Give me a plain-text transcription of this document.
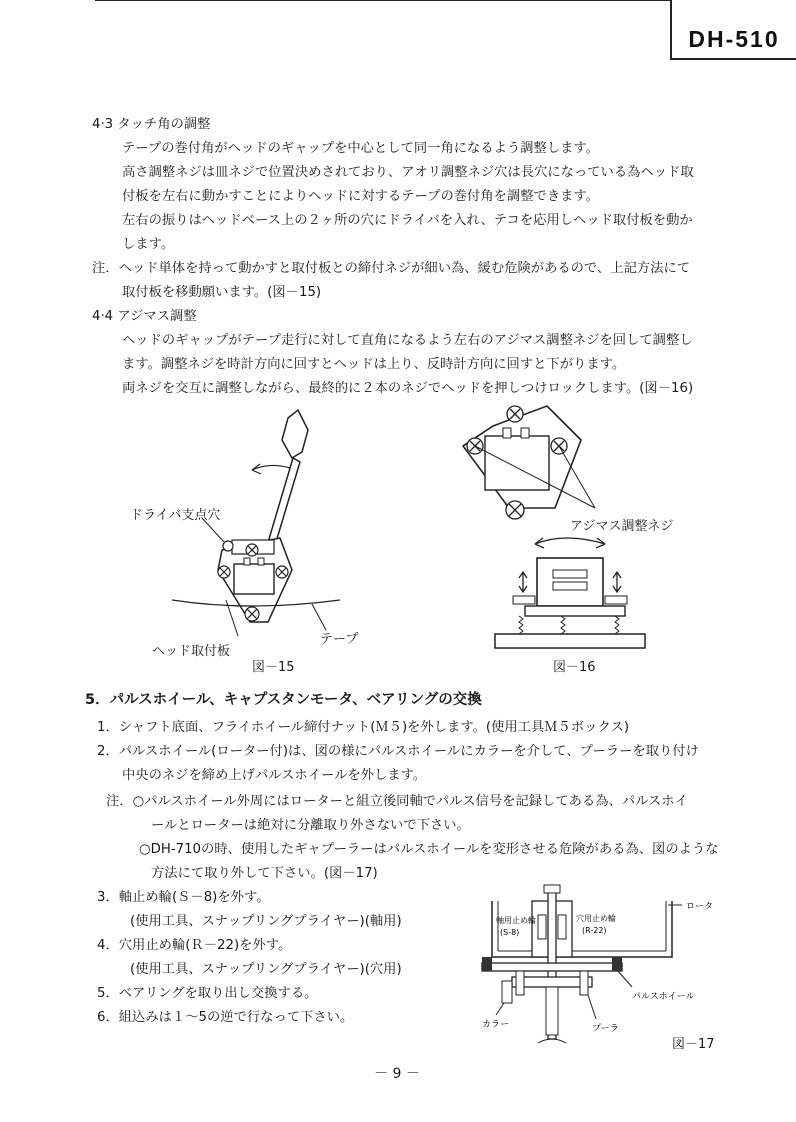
DH-510
4·3 タッチ角の調整
テープの巻付角がヘッドのギャップを中心として同一角になるよう調整します。
高さ調整ネジは皿ネジで位置決めされており、アオリ調整ネジ穴は長穴になっている為ヘッド取
付板を左右に動かすことによりヘッドに対するテープの巻付角を調整できます。
左右の振りはヘッドベース上の２ヶ所の穴にドライバを入れ、テコを応用しヘッド取付板を動か
します。
注．ヘッド単体を持って動かすと取付板との締付ネジが細い為、緩む危険があるので、上記方法にて
取付板を移動願います。(図－15)
4·4 アジマス調整
ヘッドのギャップがテープ走行に対して直角になるよう左右のアジマス調整ネジを回して調整し
ます。調整ネジを時計方向に回すとヘッドは上り、反時計方向に回すと下がります。
両ネジを交互に調整しながら、最終的に２本のネジでヘッドを押しつけロックします。(図－16)
ドライバ支点穴
ヘッド取付板
テープ
図－15
アジマス調整ネジ
図－16
5．パルスホイール、キャプスタンモータ、ベアリングの交換
1．シャフト底面、フライホイール締付ナット(Ｍ５)を外します。(使用工具Ｍ５ボックス)
2．パルスホイール(ローター付)は、図の様にパルスホイールにカラーを介して、プーラーを取り付け
中央のネジを締め上げパルスホイールを外します。
注．○パルスホイール外周にはローターと組立後同軸でパルス信号を記録してある為、パルスホイ
ールとローターは絶対に分離取り外さないで下さい。
○DH-710の時、使用したギャプーラーはパルスホイールを変形させる危険がある為、図のような
方法にて取り外して下さい。(図－17)
3．軸止め輪(Ｓ－8)を外す。
(使用工具、スナップリングプライヤー)(軸用)
4．穴用止め輪(Ｒ－22)を外す。
(使用工具、スナップリングプライヤー)(穴用)
5．ベアリングを取り出し交換する。
6．組込みは１～5の逆で行なって下さい。
ロータ
軸用止め輪
(S-8)
穴用止め輪
(R-22)
パルスホイール
カラー	プーラ
図－17
－ 9 －
